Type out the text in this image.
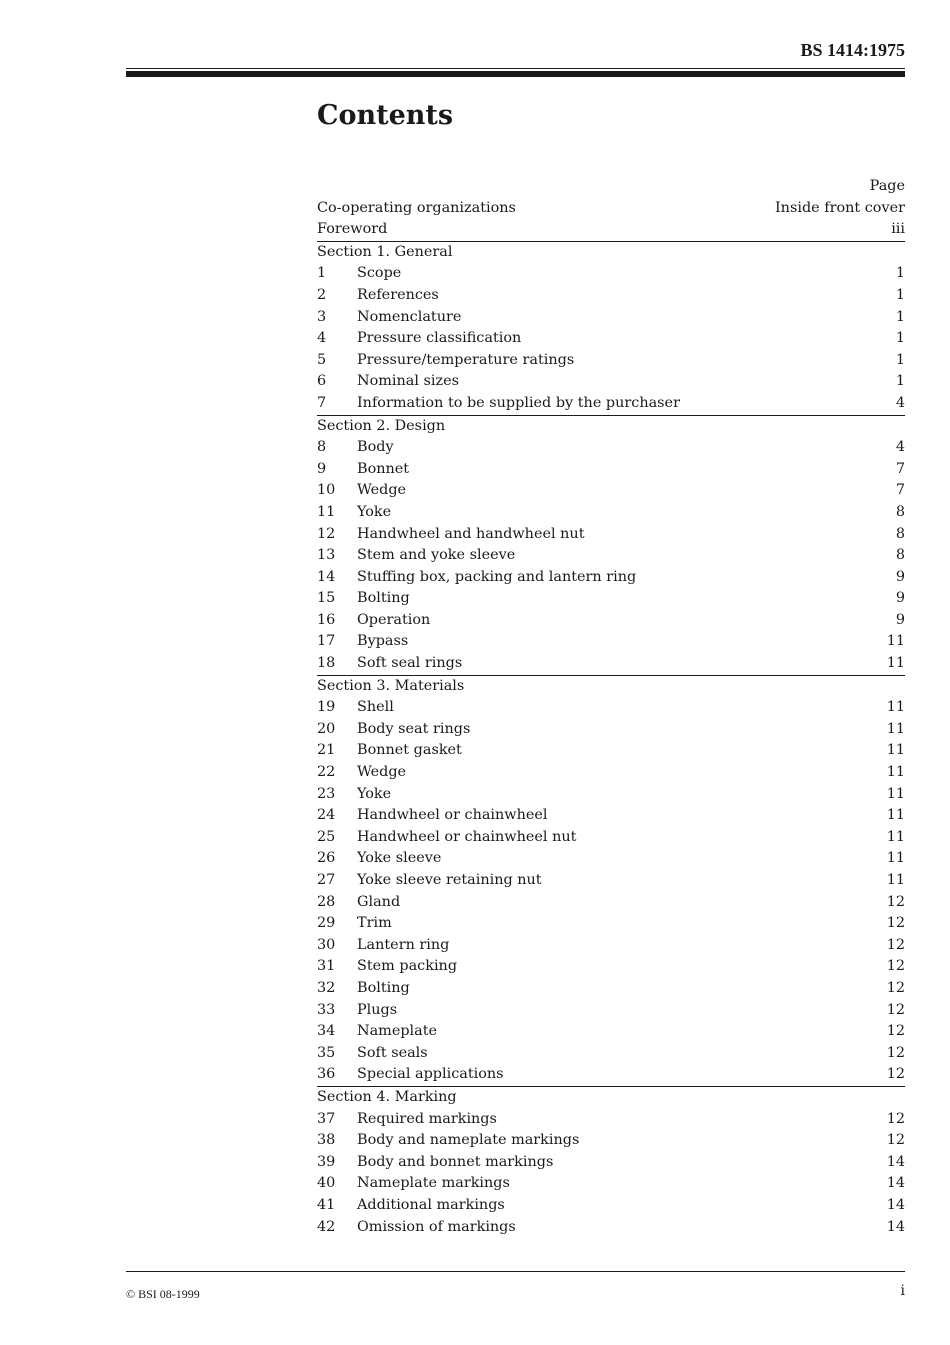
BS 1414:1975
Contents
Page
Co-operating organizations	Inside front cover
Foreword	iii
Section 1. General
1	Scope	1
2	References	1
3	Nomenclature	1
4	Pressure classification	1
5	Pressure/temperature ratings	1
6	Nominal sizes	1
7	Information to be supplied by the purchaser	4
Section 2. Design
8	Body	4
9	Bonnet	7
10	Wedge	7
11	Yoke	8
12	Handwheel and handwheel nut	8
13	Stem and yoke sleeve	8
14	Stuffing box, packing and lantern ring	9
15	Bolting	9
16	Operation	9
17	Bypass	11
18	Soft seal rings	11
Section 3. Materials
19	Shell	11
20	Body seat rings	11
21	Bonnet gasket	11
22	Wedge	11
23	Yoke	11
24	Handwheel or chainwheel	11
25	Handwheel or chainwheel nut	11
26	Yoke sleeve	11
27	Yoke sleeve retaining nut	11
28	Gland	12
29	Trim	12
30	Lantern ring	12
31	Stem packing	12
32	Bolting	12
33	Plugs	12
34	Nameplate	12
35	Soft seals	12
36	Special applications	12
Section 4. Marking
37	Required markings	12
38	Body and nameplate markings	12
39	Body and bonnet markings	14
40	Nameplate markings	14
41	Additional markings	14
42	Omission of markings	14
© BSI 08-1999	i
